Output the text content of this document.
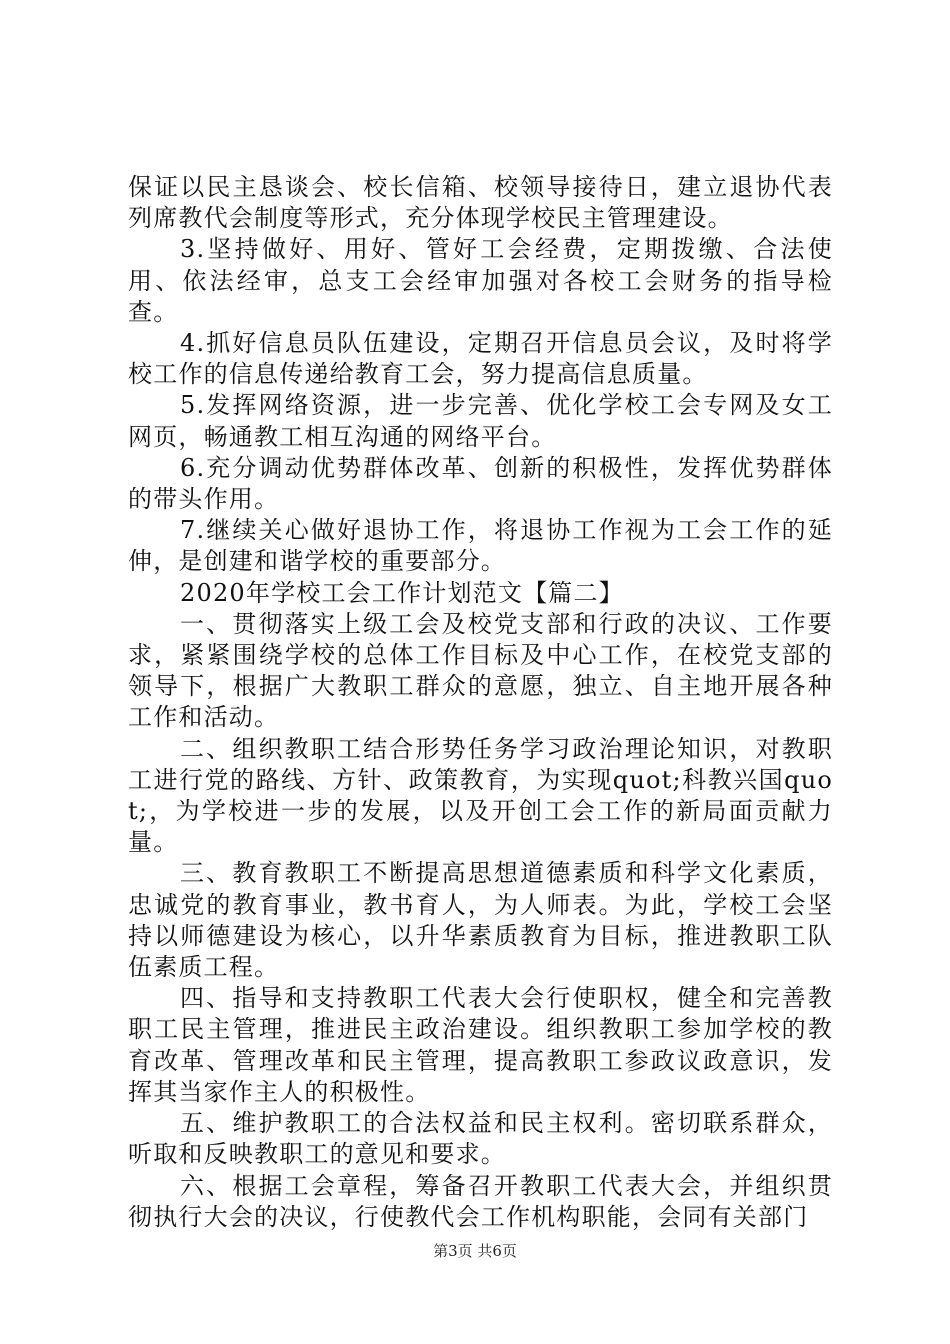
保证以民主恳谈会、校长信箱、校领导接待日，建立退协代表列席教代会制度等形式，充分体现学校民主管理建设。

3.坚持做好、用好、管好工会经费，定期拨缴、合法使用、依法经审，总支工会经审加强对各校工会财务的指导检查。

4.抓好信息员队伍建设，定期召开信息员会议，及时将学校工作的信息传递给教育工会，努力提高信息质量。

5.发挥网络资源，进一步完善、优化学校工会专网及女工网页，畅通教工相互沟通的网络平台。

6.充分调动优势群体改革、创新的积极性，发挥优势群体的带头作用。

7.继续关心做好退协工作，将退协工作视为工会工作的延伸，是创建和谐学校的重要部分。

2020年学校工会工作计划范文【篇二】

一、贯彻落实上级工会及校党支部和行政的决议、工作要求，紧紧围绕学校的总体工作目标及中心工作，在校党支部的领导下，根据广大教职工群众的意愿，独立、自主地开展各种工作和活动。

二、组织教职工结合形势任务学习政治理论知识，对教职工进行党的路线、方针、政策教育，为实现quot;科教兴国quot;，为学校进一步的发展，以及开创工会工作的新局面贡献力量。

三、教育教职工不断提高思想道德素质和科学文化素质，忠诚党的教育事业，教书育人，为人师表。为此，学校工会坚持以师德建设为核心，以升华素质教育为目标，推进教职工队伍素质工程。

四、指导和支持教职工代表大会行使职权，健全和完善教职工民主管理，推进民主政治建设。组织教职工参加学校的教育改革、管理改革和民主管理，提高教职工参政议政意识，发挥其当家作主人的积极性。

五、维护教职工的合法权益和民主权利。密切联系群众，听取和反映教职工的意见和要求。

六、根据工会章程，筹备召开教职工代表大会，并组织贯彻执行大会的决议，行使教代会工作机构职能，会同有关部门

第3页 共6页
